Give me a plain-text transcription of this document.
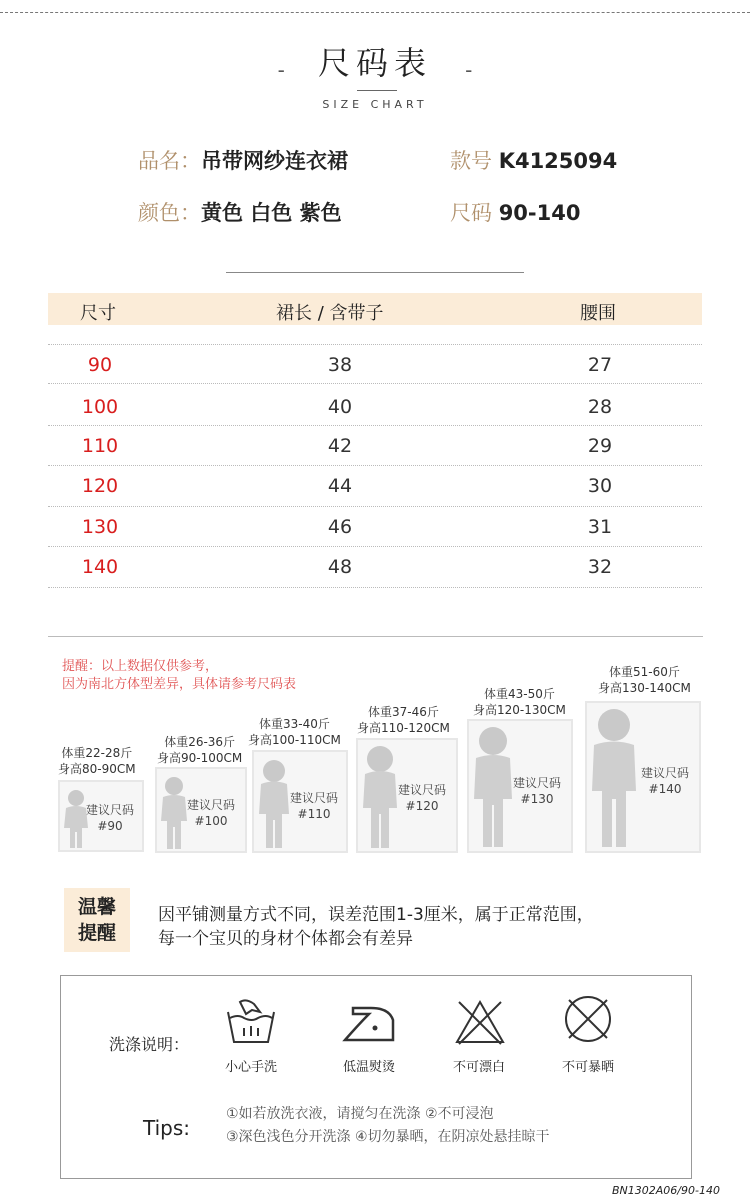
- 尺码表 -
SIZE CHART
品名：吊带网纱连衣裙	款号 K4125094
颜色：黄色 白色 紫色	尺码 90-140
尺寸	裙长 / 含带子	腰围
90	38	27
100	40	28
110	42	29
120	44	30
130	46	31
140	48	32
提醒：以上数据仅供参考，
因为南北方体型差异，具体请参考尺码表
体重22-28斤
身高80-90CM
建议尺码
#90
体重26-36斤
身高90-100CM
建议尺码
#100
体重33-40斤
身高100-110CM
建议尺码
#110
体重37-46斤
身高110-120CM
建议尺码
#120
体重43-50斤
身高120-130CM
建议尺码
#130
体重51-60斤
身高130-140CM
建议尺码
#140
温馨
提醒
因平铺测量方式不同，误差范围1-3厘米，属于正常范围，
每一个宝贝的身材个体都会有差异
洗涤说明：
小心手洗	低温熨烫	不可漂白	不可暴晒
Tips:
①如若放洗衣液，请搅匀在洗涤 ②不可浸泡
③深色浅色分开洗涤 ④切勿暴晒，在阴凉处悬挂晾干
BN1302A06/90-140
